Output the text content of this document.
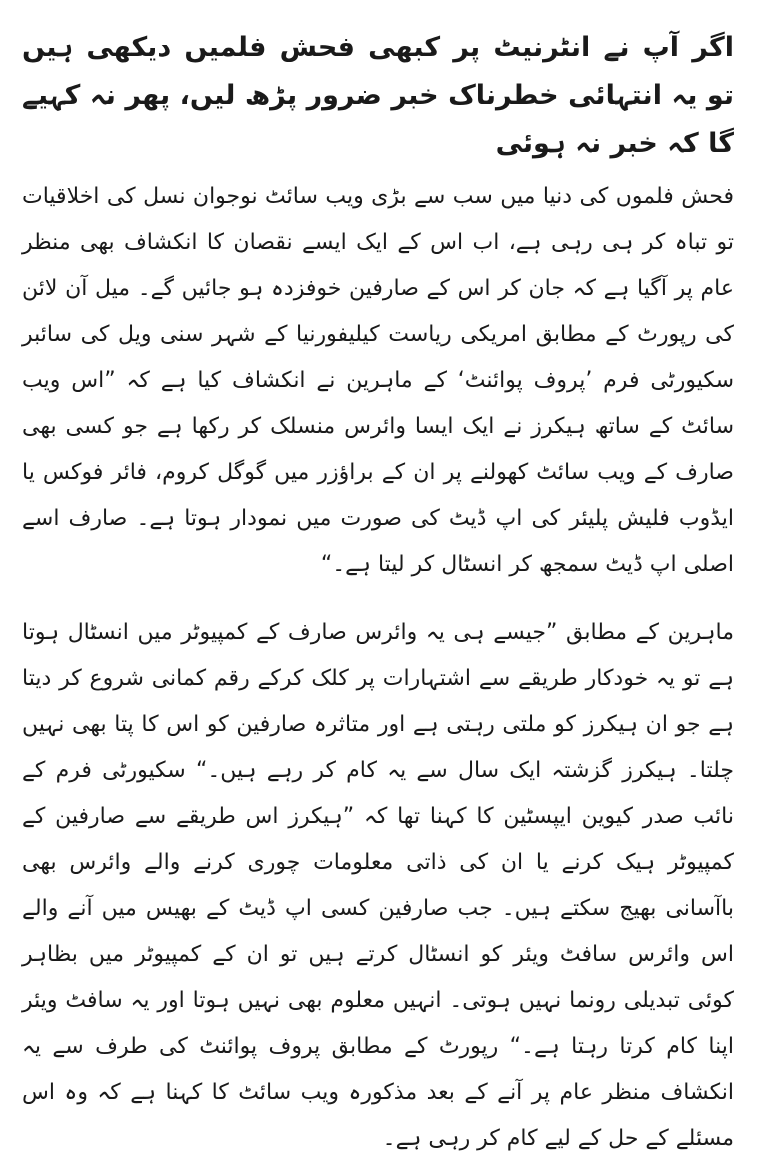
اگر آپ نے انٹرنیٹ پر کبھی فحش فلمیں دیکھی ہیں تو یہ انتہائی خطرناک خبر ضرور پڑھ لیں، پھر نہ کہیے گا کہ خبر نہ ہوئی

فحش فلموں کی دنیا میں سب سے بڑی ویب سائٹ نوجوان نسل کی اخلاقیات تو تباہ کر ہی رہی ہے، اب اس کے ایک ایسے نقصان کا انکشاف بھی منظر عام پر آگیا ہے کہ جان کر اس کے صارفین خوفزدہ ہو جائیں گے۔ میل آن لائن کی رپورٹ کے مطابق امریکی ریاست کیلیفورنیا کے شہر سنی ویل کی سائبر سکیورٹی فرم ’پروف پوائنٹ‘ کے ماہرین نے انکشاف کیا ہے کہ ”اس ویب سائٹ کے ساتھ ہیکرز نے ایک ایسا وائرس منسلک کر رکھا ہے جو کسی بھی صارف کے ویب سائٹ کھولنے پر ان کے براﺅزر میں گوگل کروم، فائر فوکس یا ایڈوب فلیش پلیئر کی اپ ڈیٹ کی صورت میں نمودار ہوتا ہے۔ صارف اسے اصلی اپ ڈیٹ سمجھ کر انسٹال کر لیتا ہے۔“

ماہرین کے مطابق ”جیسے ہی یہ وائرس صارف کے کمپیوٹر میں انسٹال ہوتا ہے تو یہ خودکار طریقے سے اشتہارات پر کلک کرکے رقم کمانی شروع کر دیتا ہے جو ان ہیکرز کو ملتی رہتی ہے اور متاثرہ صارفین کو اس کا پتا بھی نہیں چلتا۔ ہیکرز گزشتہ ایک سال سے یہ کام کر رہے ہیں۔“ سکیورٹی فرم کے نائب صدر کیوین ایپسٹین کا کہنا تھا کہ ”ہیکرز اس طریقے سے صارفین کے کمپیوٹر ہیک کرنے یا ان کی ذاتی معلومات چوری کرنے والے وائرس بھی باآسانی بھیج سکتے ہیں۔ جب صارفین کسی اپ ڈیٹ کے بھیس میں آنے والے اس وائرس سافٹ ویئر کو انسٹال کرتے ہیں تو ان کے کمپیوٹر میں بظاہر کوئی تبدیلی رونما نہیں ہوتی۔ انہیں معلوم بھی نہیں ہوتا اور یہ سافٹ ویئر اپنا کام کرتا رہتا ہے۔“ رپورٹ کے مطابق پروف پوائنٹ کی طرف سے یہ انکشاف منظر عام پر آنے کے بعد مذکورہ ویب سائٹ کا کہنا ہے کہ وہ اس مسئلے کے حل کے لیے کام کر رہی ہے۔
